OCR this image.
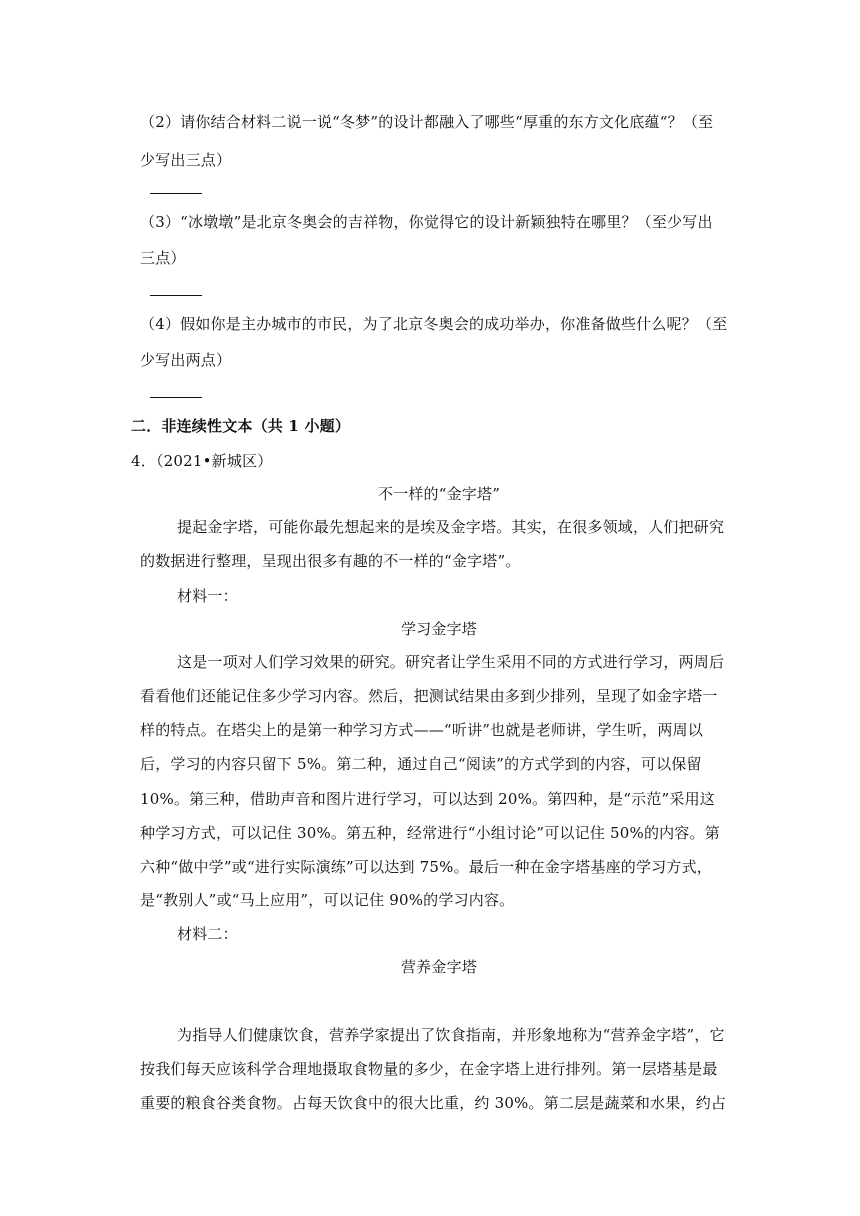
（2）请你结合材料二说一说“冬梦”的设计都融入了哪些“厚重的东方文化底蕴“？（至
少写出三点）
（3）“冰墩墩”是北京冬奥会的吉祥物，你觉得它的设计新颖独特在哪里？（至少写出
三点）
（4）假如你是主办城市的市民，为了北京冬奥会的成功举办，你准备做些什么呢？（至
少写出两点）
二．非连续性文本（共 1 小题）
4．（2021•新城区）
不一样的“金字塔”
提起金字塔，可能你最先想起来的是埃及金字塔。其实，在很多领域，人们把研究
的数据进行整理，呈现出很多有趣的不一样的“金字塔”。
材料一：
学习金字塔
这是一项对人们学习效果的研究。研究者让学生采用不同的方式进行学习，两周后
看看他们还能记住多少学习内容。然后，把测试结果由多到少排列，呈现了如金字塔一
样的特点。在塔尖上的是第一种学习方式——“听讲”也就是老师讲，学生听，两周以
后，学习的内容只留下 5%。第二种，通过自己“阅读”的方式学到的内容，可以保留
10%。第三种，借助声音和图片进行学习，可以达到 20%。第四种，是“示范”采用这
种学习方式，可以记住 30%。第五种，经常进行“小组讨论”可以记住 50%的内容。第
六种“做中学”或“进行实际演练”可以达到 75%。最后一种在金字塔基座的学习方式，
是“教别人”或“马上应用”，可以记住 90%的学习内容。
材料二：
营养金字塔
为指导人们健康饮食，营养学家提出了饮食指南，并形象地称为“营养金字塔”，它
按我们每天应该科学合理地摄取食物量的多少，在金字塔上进行排列。第一层塔基是最
重要的粮食谷类食物。占每天饮食中的很大比重，约 30%。第二层是蔬菜和水果，约占
